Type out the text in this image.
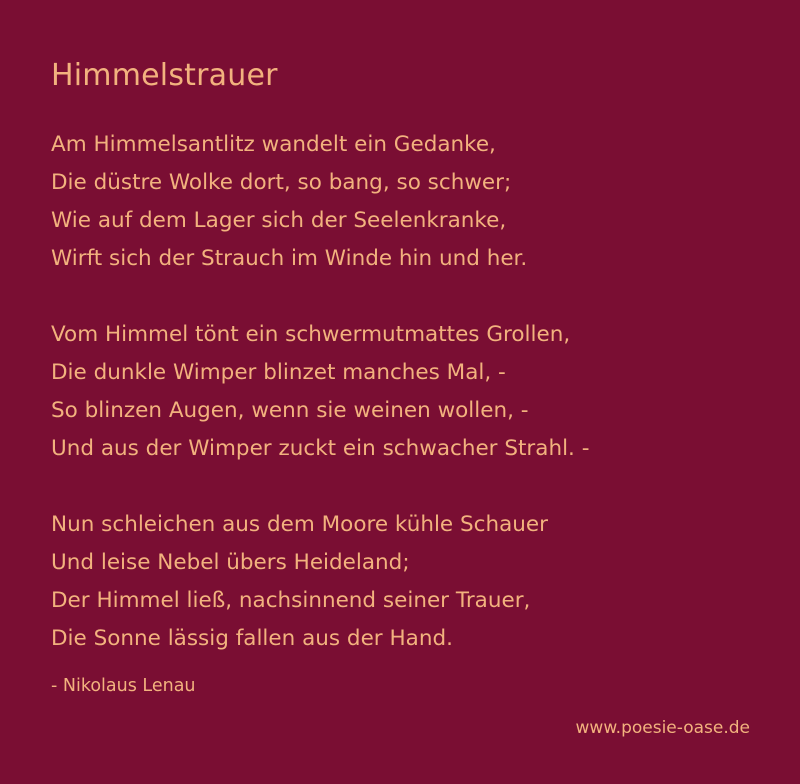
Himmelstrauer
Am Himmelsantlitz wandelt ein Gedanke,
Die düstre Wolke dort, so bang, so schwer;
Wie auf dem Lager sich der Seelenkranke,
Wirft sich der Strauch im Winde hin und her.
Vom Himmel tönt ein schwermutmattes Grollen,
Die dunkle Wimper blinzet manches Mal, -
So blinzen Augen, wenn sie weinen wollen, -
Und aus der Wimper zuckt ein schwacher Strahl. -
Nun schleichen aus dem Moore kühle Schauer
Und leise Nebel übers Heideland;
Der Himmel ließ, nachsinnend seiner Trauer,
Die Sonne lässig fallen aus der Hand.
- Nikolaus Lenau
www.poesie-oase.de
